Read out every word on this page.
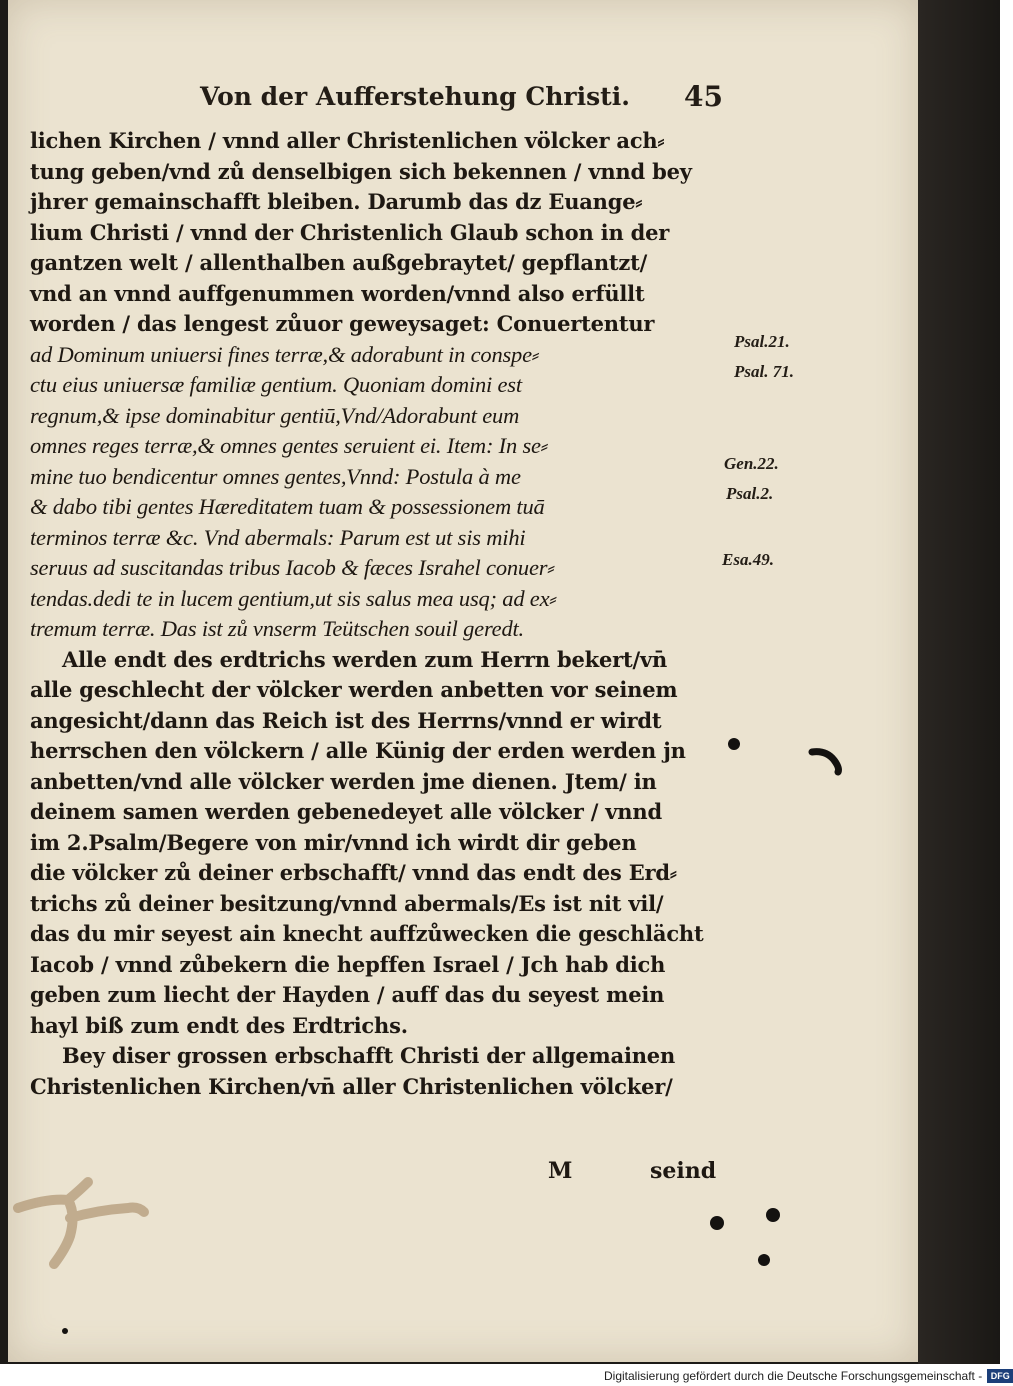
Von der Aufferstehung Christi.	45
lichen Kirchen / vnnd aller Christenlichen völcker ach⸗
tung geben/vnd zů denselbigen sich bekennen / vnnd bey
jhrer gemainschafft bleiben. Darumb das dz Euange⸗
lium Christi / vnnd der Christenlich Glaub schon in der
gantzen welt / allenthalben außgebraytet/ gepflantzt/
vnd an vnnd auffgenummen worden/vnnd also erfüllt
worden / das lengest zůuor geweysaget: Conuertentur
ad Dominum uniuersi fines terræ,& adorabunt in conspe⸗
ctu eius uniuersæ familiæ gentium. Quoniam domini est
regnum,& ipse dominabitur gentiū,Vnd/Adorabunt eum
omnes reges terræ,& omnes gentes seruient ei. Item: In se⸗
mine tuo bendicentur omnes gentes,Vnnd: Postula à me
& dabo tibi gentes Hæreditatem tuam & possessionem tuā
terminos terræ &c. Vnd abermals: Parum est ut sis mihi
seruus ad suscitandas tribus Iacob & fæces Israhel conuer⸗
tendas.dedi te in lucem gentium,ut sis salus mea usq; ad ex⸗
tremum terræ. Das ist zů vnserm Teütschen souil geredt.
Alle endt des erdtrichs werden zum Herrn bekert/vn̄
alle geschlecht der völcker werden anbetten vor seinem
angesicht/dann das Reich ist des Herrns/vnnd er wirdt
herrschen den völckern / alle Künig der erden werden jn
anbetten/vnd alle völcker werden jme dienen. Jtem/ in
deinem samen werden gebenedeyet alle völcker / vnnd
im 2.Psalm/Begere von mir/vnnd ich wirdt dir geben
die völcker zů deiner erbschafft/ vnnd das endt des Erd⸗
trichs zů deiner besitzung/vnnd abermals/Es ist nit vil/
das du mir seyest ain knecht auffzůwecken die geschlächt
Iacob / vnnd zůbekern die hepffen Israel / Jch hab dich
geben zum liecht der Hayden / auff das du seyest mein
hayl biß zum endt des Erdtrichs.
Bey diser grossen erbschafft Christi der allgemainen
Christenlichen Kirchen/vn̄ aller Christenlichen völcker/
Psal.21.
Psal. 71.
Gen.22.
Psal.2.
Esa.49.
M	seind
Digitalisierung gefördert durch die Deutsche Forschungsgemeinschaft - DFG
